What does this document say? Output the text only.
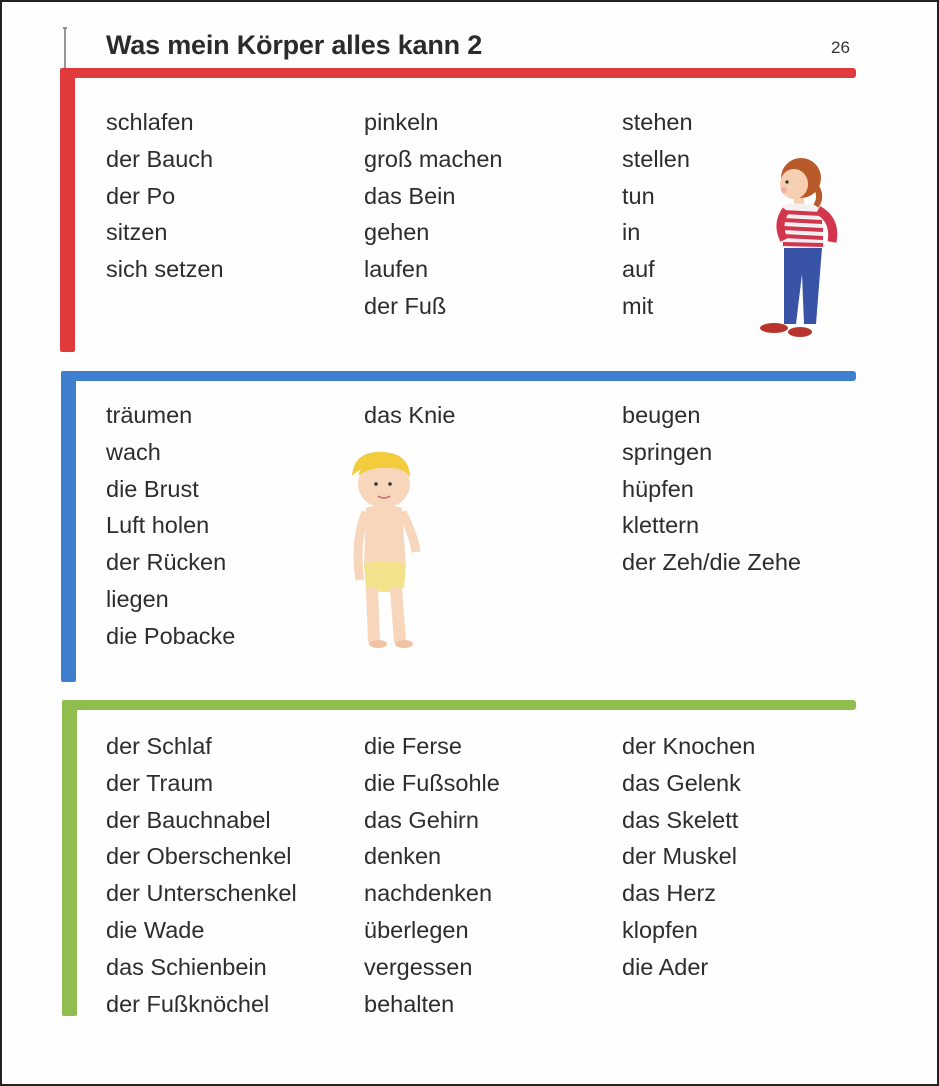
Was mein Körper alles kann 2	26
schlafen
der Bauch
der Po
sitzen
sich setzen
pinkeln
groß machen
das Bein
gehen
laufen
der Fuß
stehen
stellen
tun
in
auf
mit
träumen
wach
die Brust
Luft holen
der Rücken
liegen
die Pobacke
das Knie	beugen
springen
hüpfen
klettern
der Zeh/die Zehe
der Schlaf
der Traum
der Bauchnabel
der Oberschenkel
der Unterschenkel
die Wade
das Schienbein
der Fußknöchel
die Ferse
die Fußsohle
das Gehirn
denken
nachdenken
überlegen
vergessen
behalten
der Knochen
das Gelenk
das Skelett
der Muskel
das Herz
klopfen
die Ader
